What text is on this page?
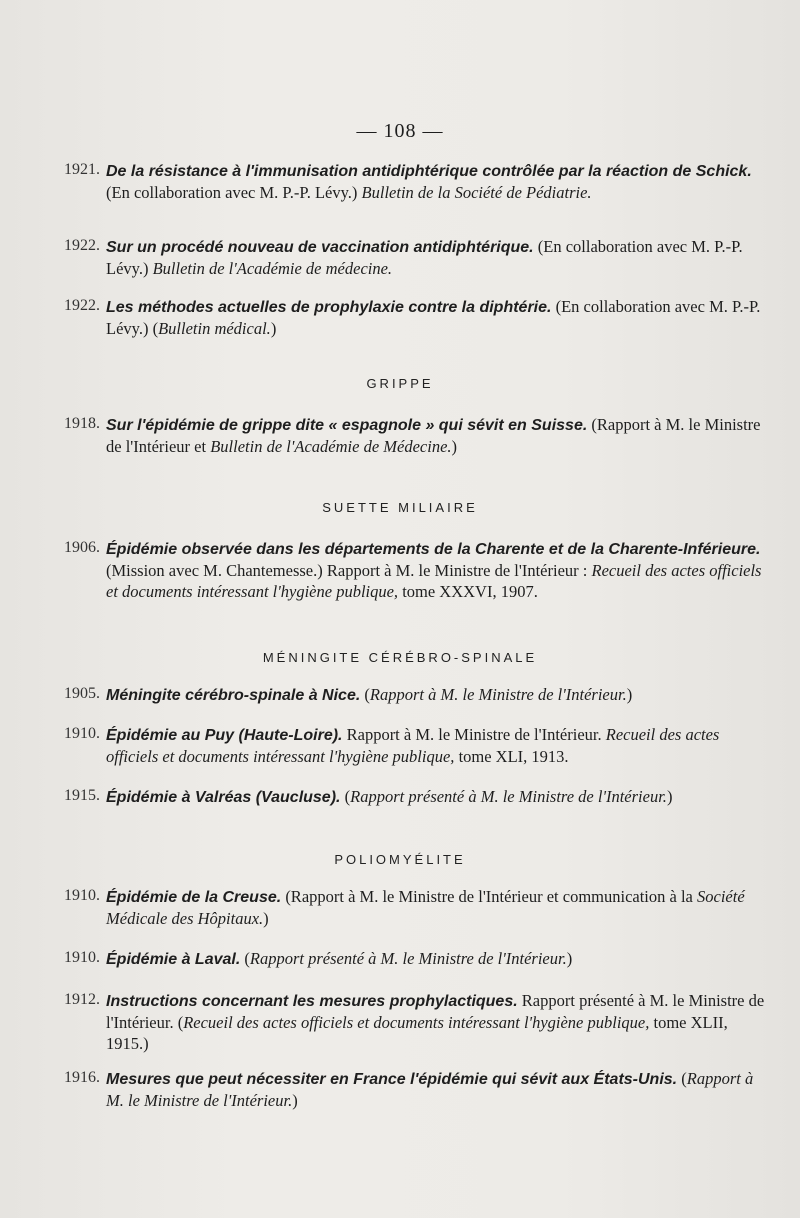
— 108 —
1921. De la résistance à l'immunisation antidiphtérique contrôlée par la réaction de Schick. (En collaboration avec M. P.-P. Lévy.) Bulletin de la Société de Pédiatrie.
1922. Sur un procédé nouveau de vaccination antidiphtérique. (En collaboration avec M. P.-P. Lévy.) Bulletin de l'Académie de médecine.
1922. Les méthodes actuelles de prophylaxie contre la diphtérie. (En collaboration avec M. P.-P. Lévy.) (Bulletin médical.)
GRIPPE
1918. Sur l'épidémie de grippe dite « espagnole » qui sévit en Suisse. (Rapport à M. le Ministre de l'Intérieur et Bulletin de l'Académie de Médecine.)
SUETTE MILIAIRE
1906. Épidémie observée dans les départements de la Charente et de la Charente-Inférieure. (Mission avec M. Chantemesse.) Rapport à M. le Ministre de l'Intérieur : Recueil des actes officiels et documents intéressant l'hygiène publique, tome XXXVI, 1907.
MÉNINGITE CÉRÉBRO-SPINALE
1905. Méningite cérébro-spinale à Nice. (Rapport à M. le Ministre de l'Intérieur.)
1910. Épidémie au Puy (Haute-Loire). Rapport à M. le Ministre de l'Intérieur. Recueil des actes officiels et documents intéressant l'hygiène publique, tome XLI, 1913.
1915. Épidémie à Valréas (Vaucluse). (Rapport présenté à M. le Ministre de l'Intérieur.)
POLIOMYÉLITE
1910. Épidémie de la Creuse. (Rapport à M. le Ministre de l'Intérieur et communication à la Société Médicale des Hôpitaux.)
1910. Épidémie à Laval. (Rapport présenté à M. le Ministre de l'Intérieur.)
1912. Instructions concernant les mesures prophylactiques. Rapport présenté à M. le Ministre de l'Intérieur. (Recueil des actes officiels et documents intéressant l'hygiène publique, tome XLII, 1915.)
1916. Mesures que peut nécessiter en France l'épidémie qui sévit aux États-Unis. (Rapport à M. le Ministre de l'Intérieur.)
